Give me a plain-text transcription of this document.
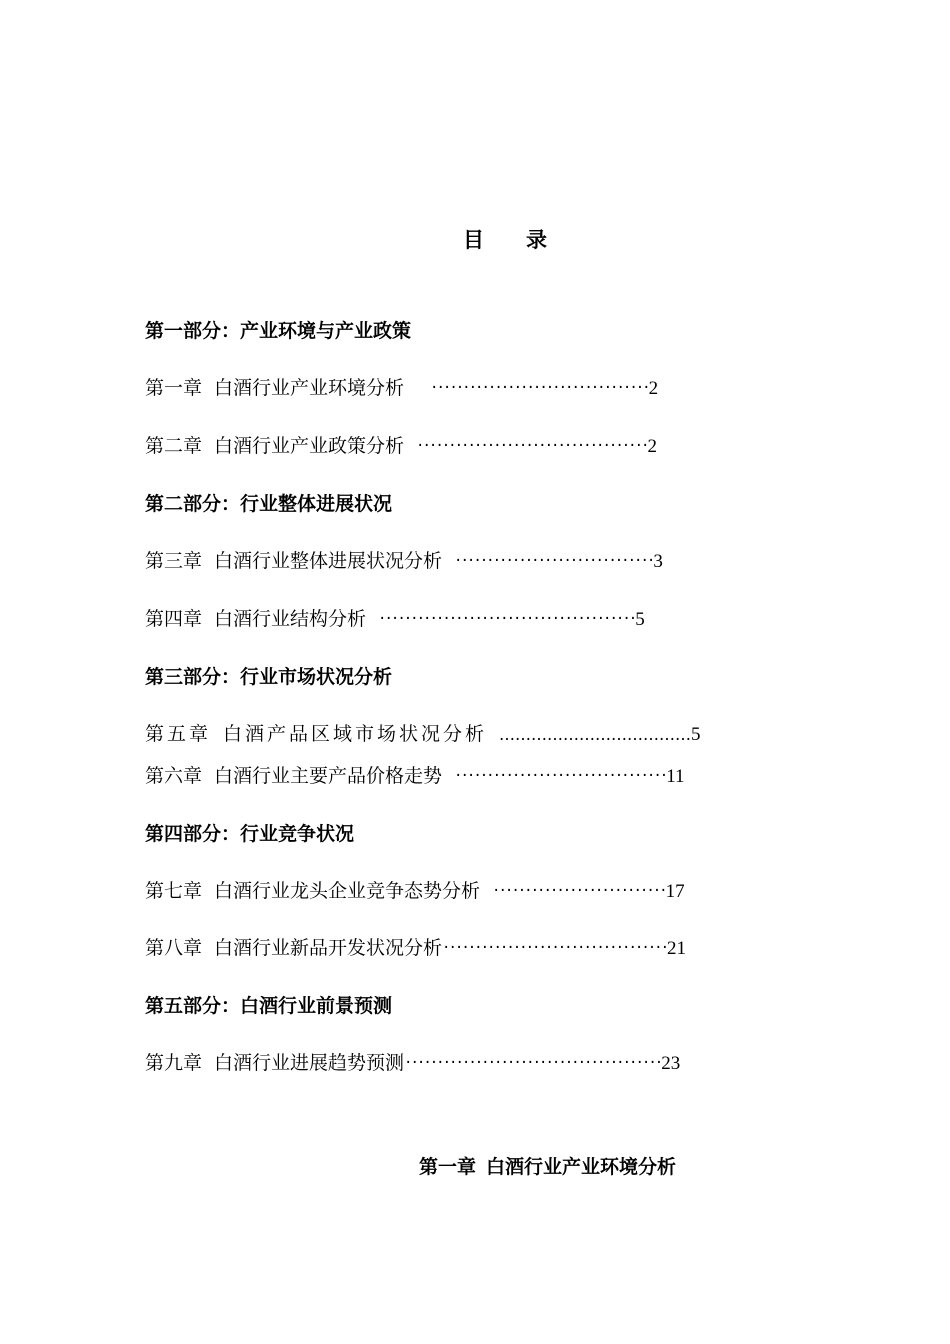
目 录
第一部分：产业环境与产业政策
第一章 白酒行业产业环境分析 ··································2
第二章 白酒行业产业政策分析 ····································2
第二部分：行业整体进展状况
第三章 白酒行业整体进展状况分析 ·······························3
第四章 白酒行业结构分析 ········································5
第三部分：行业市场状况分析
第五章 白酒产品区域市场状况分析 ………………………………5
第六章 白酒行业主要产品价格走势 ·································11
第四部分：行业竞争状况
第七章 白酒行业龙头企业竞争态势分析 ···························17
第八章 白酒行业新品开发状况分析···································21
第五部分：白酒行业前景预测
第九章 白酒行业进展趋势预测········································23
第一章 白酒行业产业环境分析
